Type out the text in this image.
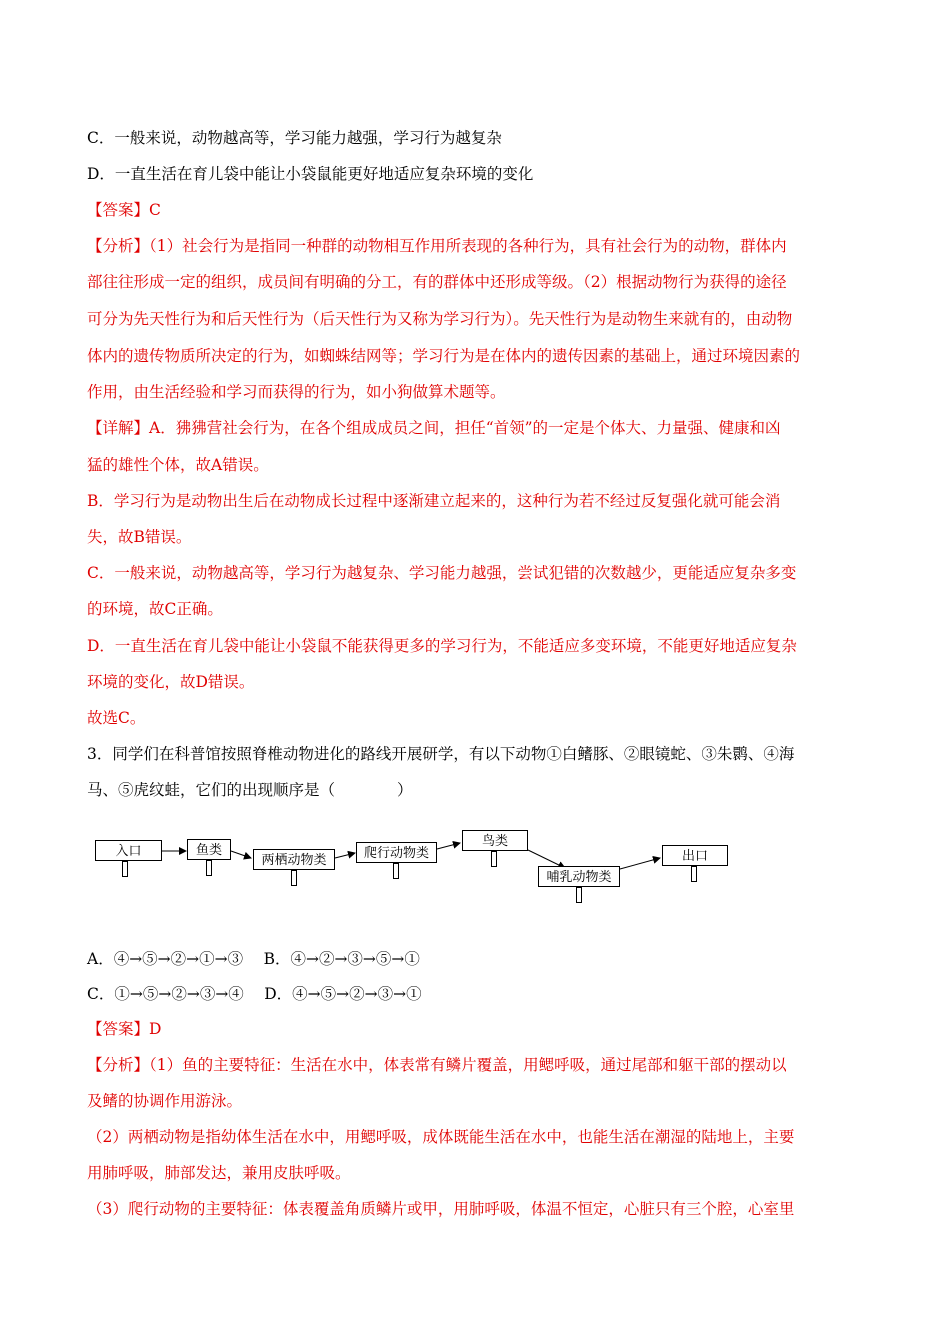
C．一般来说，动物越高等，学习能力越强，学习行为越复杂
D．一直生活在育儿袋中能让小袋鼠能更好地适应复杂环境的变化
【答案】C
【分析】（1）社会行为是指同一种群的动物相互作用所表现的各种行为，具有社会行为的动物，群体内
部往往形成一定的组织，成员间有明确的分工，有的群体中还形成等级。（2）根据动物行为获得的途径
可分为先天性行为和后天性行为（后天性行为又称为学习行为）。先天性行为是动物生来就有的，由动物
体内的遗传物质所决定的行为，如蜘蛛结网等；学习行为是在体内的遗传因素的基础上，通过环境因素的
作用，由生活经验和学习而获得的行为，如小狗做算术题等。
【详解】A．狒狒营社会行为，在各个组成成员之间，担任“首领”的一定是个体大、力量强、健康和凶
猛的雄性个体，故A错误。
B．学习行为是动物出生后在动物成长过程中逐渐建立起来的，这种行为若不经过反复强化就可能会消
失，故B错误。
C．一般来说，动物越高等，学习行为越复杂、学习能力越强，尝试犯错的次数越少，更能适应复杂多变
的环境，故C正确。
D．一直生活在育儿袋中能让小袋鼠不能获得更多的学习行为，不能适应多变环境，不能更好地适应复杂
环境的变化，故D错误。
故选C。
3．同学们在科普馆按照脊椎动物进化的路线开展研学，有以下动物①白鳍豚、②眼镜蛇、③朱鹮、④海
马、⑤虎纹蛙，它们的出现顺序是（　　　　）
入口	鱼类
两栖动物类	爬行动物类
鸟类
哺乳动物类
出口
A．④→⑤→②→①→③　 B．④→②→③→⑤→①
C．①→⑤→②→③→④　 D．④→⑤→②→③→①
【答案】D
【分析】（1）鱼的主要特征：生活在水中，体表常有鳞片覆盖，用鳃呼吸，通过尾部和躯干部的摆动以
及鳍的协调作用游泳。
（2）两栖动物是指幼体生活在水中，用鳃呼吸，成体既能生活在水中，也能生活在潮湿的陆地上，主要
用肺呼吸，肺部发达，兼用皮肤呼吸。
（3）爬行动物的主要特征：体表覆盖角质鳞片或甲，用肺呼吸，体温不恒定，心脏只有三个腔，心室里
